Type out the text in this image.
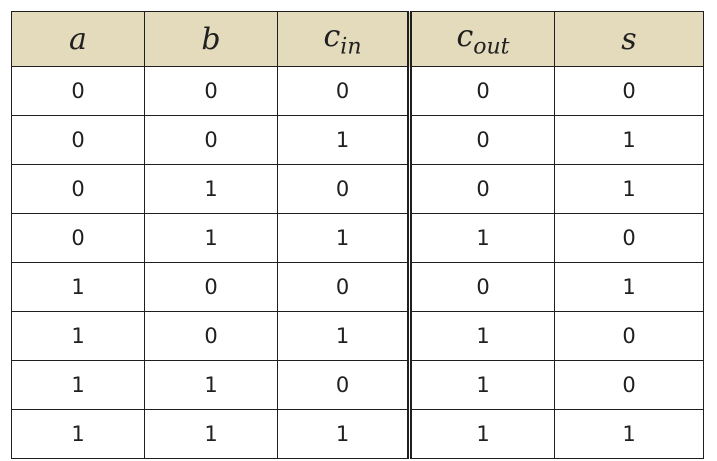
a	b	$c_{in}$	$c_{out}$	s
0	0	0	0	0
0	0	1	0	1
0	1	0	0	1
0	1	1	1	0
1	0	0	0	1
1	0	1	1	0
1	1	0	1	0
1	1	1	1	1
